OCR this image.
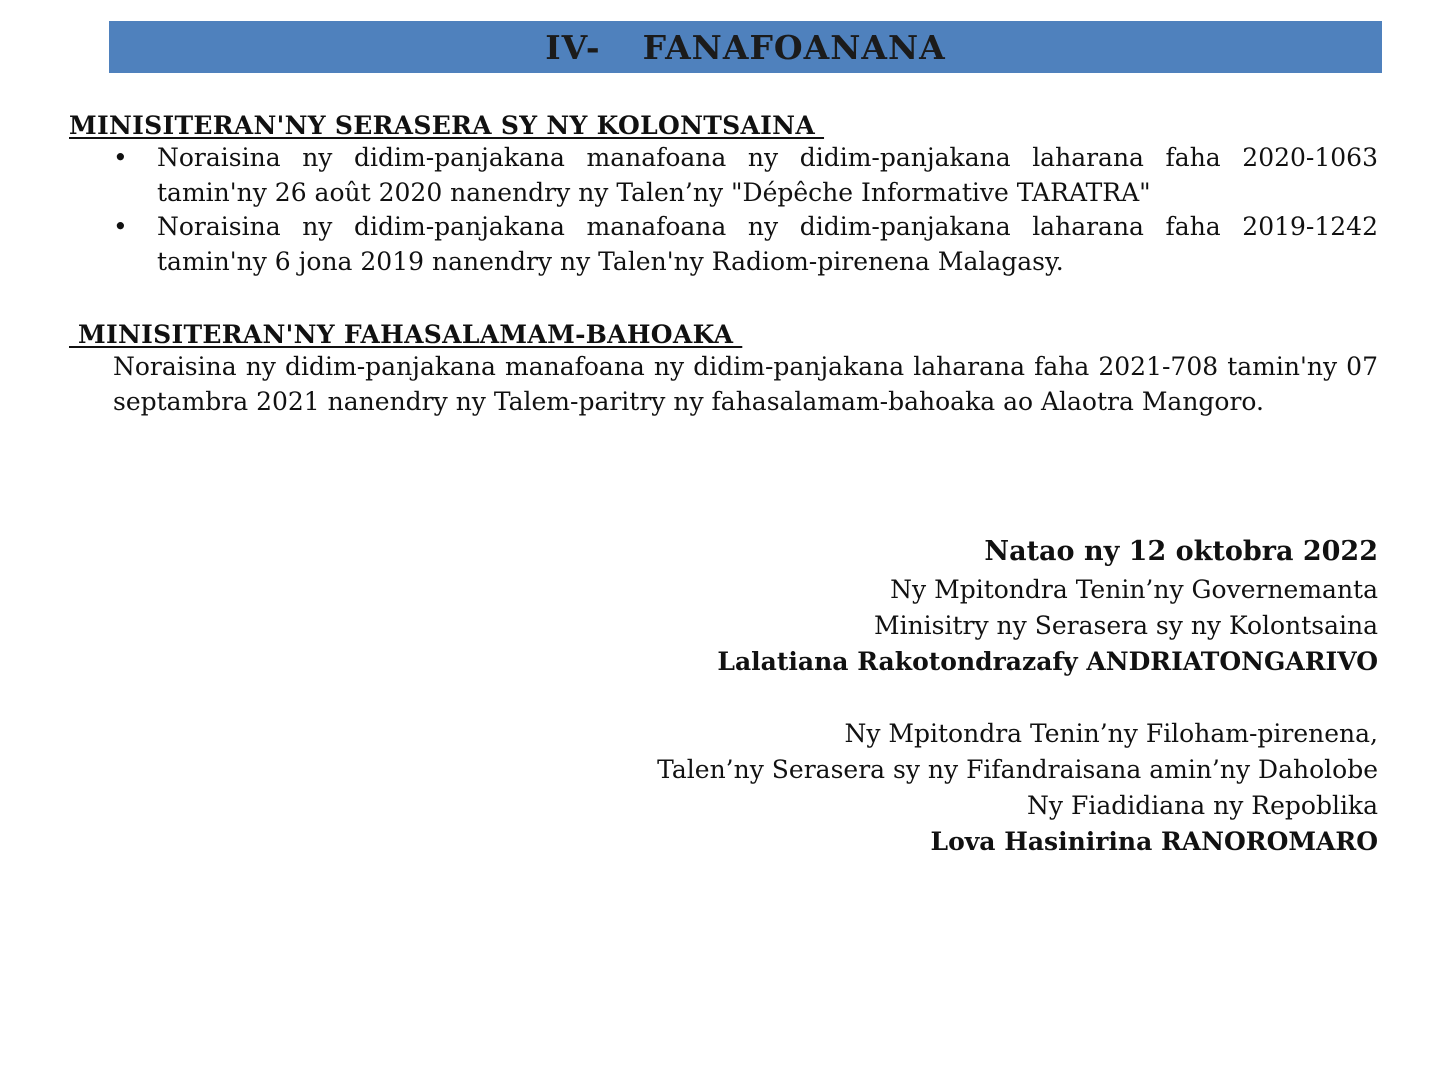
IV- FANAFOANANA
MINISITERAN'NY SERASERA SY NY KOLONTSAINA
• Noraisina ny didim-panjakana manafoana ny didim-panjakana laharana faha 2020-1063 tamin'ny 26 août 2020 nanendry ny Talen’ny "Dépêche Informative TARATRA"
• Noraisina ny didim-panjakana manafoana ny didim-panjakana laharana faha 2019-1242 tamin'ny 6 jona 2019 nanendry ny Talen'ny Radiom-pirenena Malagasy.
MINISITERAN'NY FAHASALAMAM-BAHOAKA

Noraisina ny didim-panjakana manafoana ny didim-panjakana laharana faha 2021-708 tamin'ny 07 septambra 2021 nanendry ny Talem-paritry ny fahasalamam-bahoaka ao Alaotra Mangoro.

Natao ny 12 oktobra 2022
Ny Mpitondra Tenin’ny Governemanta
Minisitry ny Serasera sy ny Kolontsaina
Lalatiana Rakotondrazafy ANDRIATONGARIVO
Ny Mpitondra Tenin’ny Filoham-pirenena,
Talen’ny Serasera sy ny Fifandraisana amin’ny Daholobe
Ny Fiadidiana ny Repoblika
Lova Hasinirina RANOROMARO
